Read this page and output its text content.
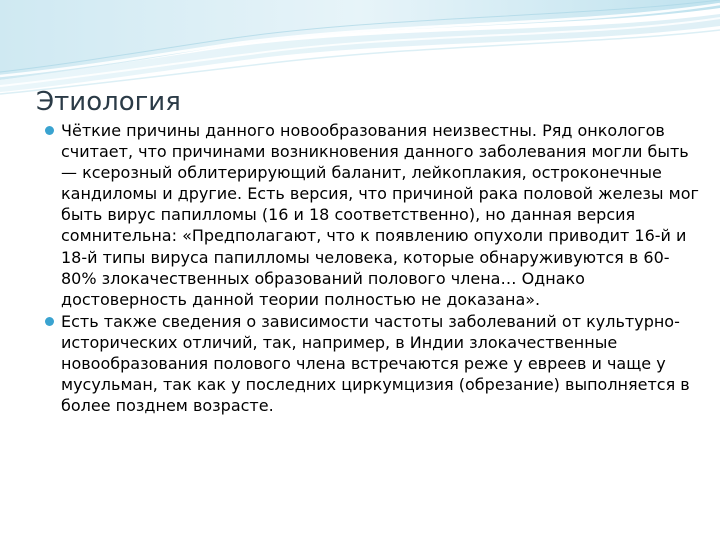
Этиология
Чёткие причины данного новообразования неизвестны. Ряд онкологов считает, что причинами возникновения данного заболевания могли быть — ксерозный облитерирующий баланит, лейкоплакия, остроконечные кандиломы и другие. Есть версия, что причиной рака половой железы мог быть вирус папилломы (16 и 18 соответственно), но данная версия сомнительна: «Предполагают, что к появлению опухоли приводит 16-й и 18-й типы вируса папилломы человека, которые обнаруживуются в 60-80% злокачественных образований полового члена… Однако достоверность данной теории полностью не доказана».
Есть также сведения о зависимости частоты заболеваний от культурно-исторических отличий, так, например, в Индии злокачественные новообразования полового члена встречаются реже у евреев и чаще у мусульман, так как у последних циркумцизия (обрезание) выполняется в более позднем возрасте.
